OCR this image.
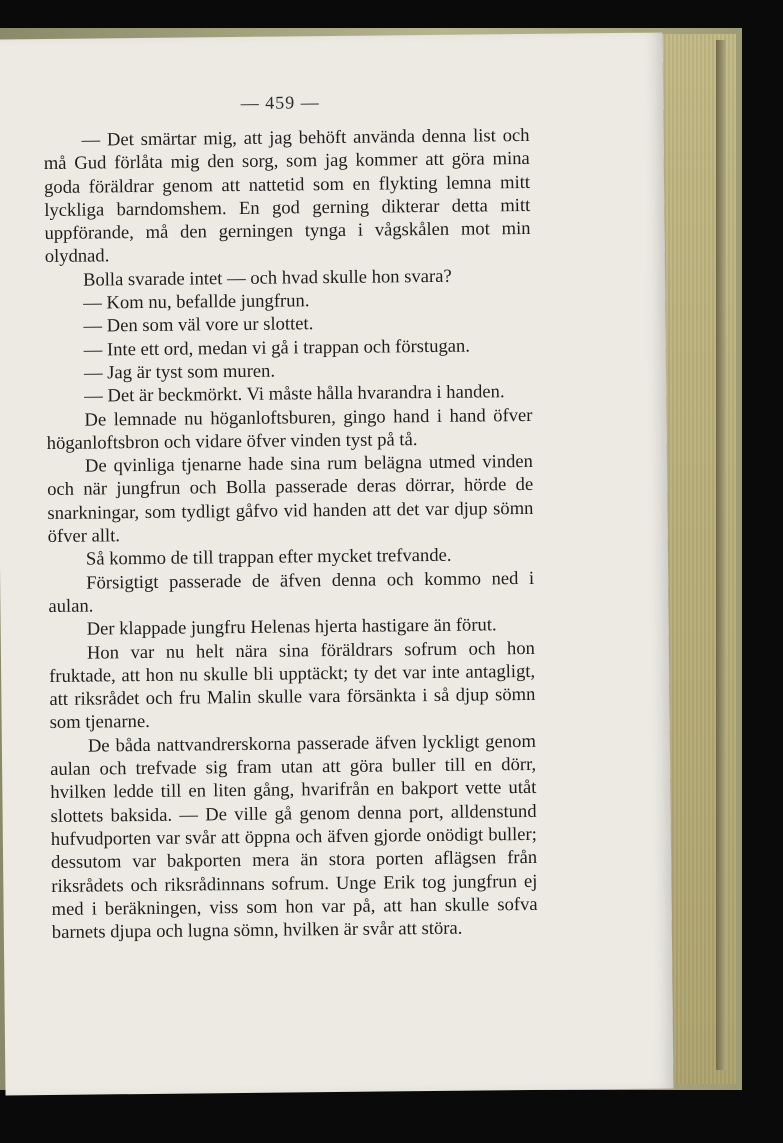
— 459 —

— Det smärtar mig, att jag behöft använda denna list och må Gud förlåta mig den sorg, som jag kommer att göra mina goda föräldrar genom att nattetid som en flykting lemna mitt lyckliga barndomshem. En god gerning dikterar detta mitt uppförande, må den gerningen tynga i vågskålen mot min olydnad.

Bolla svarade intet — och hvad skulle hon svara?

— Kom nu, befallde jungfrun.

— Den som väl vore ur slottet.

— Inte ett ord, medan vi gå i trappan och förstugan.

— Jag är tyst som muren.

— Det är beckmörkt. Vi måste hålla hvarandra i handen.

De lemnade nu höganloftsburen, gingo hand i hand öfver höganloftsbron och vidare öfver vinden tyst på tå.

De qvinliga tjenarne hade sina rum belägna utmed vinden och när jungfrun och Bolla passerade deras dörrar, hörde de snarkningar, som tydligt gåfvo vid handen att det var djup sömn öfver allt.

Så kommo de till trappan efter mycket trefvande.

Försigtigt passerade de äfven denna och kommo ned i aulan.

Der klappade jungfru Helenas hjerta hastigare än förut.

Hon var nu helt nära sina föräldrars sofrum och hon fruktade, att hon nu skulle bli upptäckt; ty det var inte antagligt, att riksrådet och fru Malin skulle vara försänkta i så djup sömn som tjenarne.

De båda nattvandrerskorna passerade äfven lyckligt genom aulan och trefvade sig fram utan att göra buller till en dörr, hvilken ledde till en liten gång, hvarifrån en bakport vette utåt slottets baksida. — De ville gå genom denna port, alldenstund hufvudporten var svår att öppna och äfven gjorde onödigt buller; dessutom var bakporten mera än stora porten aflägsen från riksrådets och riksrådinnans sofrum. Unge Erik tog jungfrun ej med i beräkningen, viss som hon var på, att han skulle sofva barnets djupa och lugna sömn, hvilken är svår att störa.
